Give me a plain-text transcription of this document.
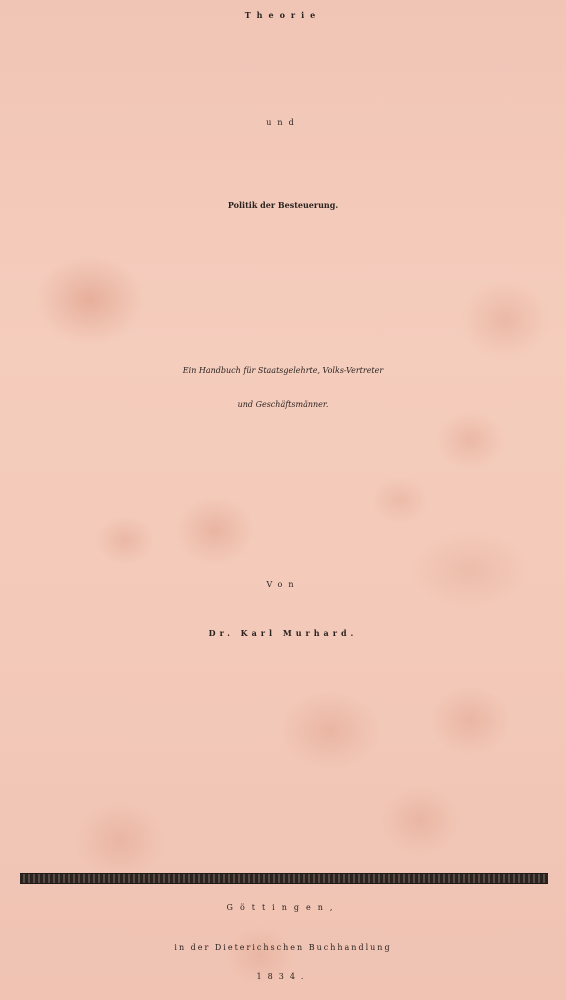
Theorie
und
Politik der Besteuerung.
Ein Handbuch für Staatsgelehrte, Volks-Vertreter
und Geschäftsmänner.
Von
Dr. Karl Murhard.
Göttingen,
in der Dieterichschen Buchhandlung
1834.
